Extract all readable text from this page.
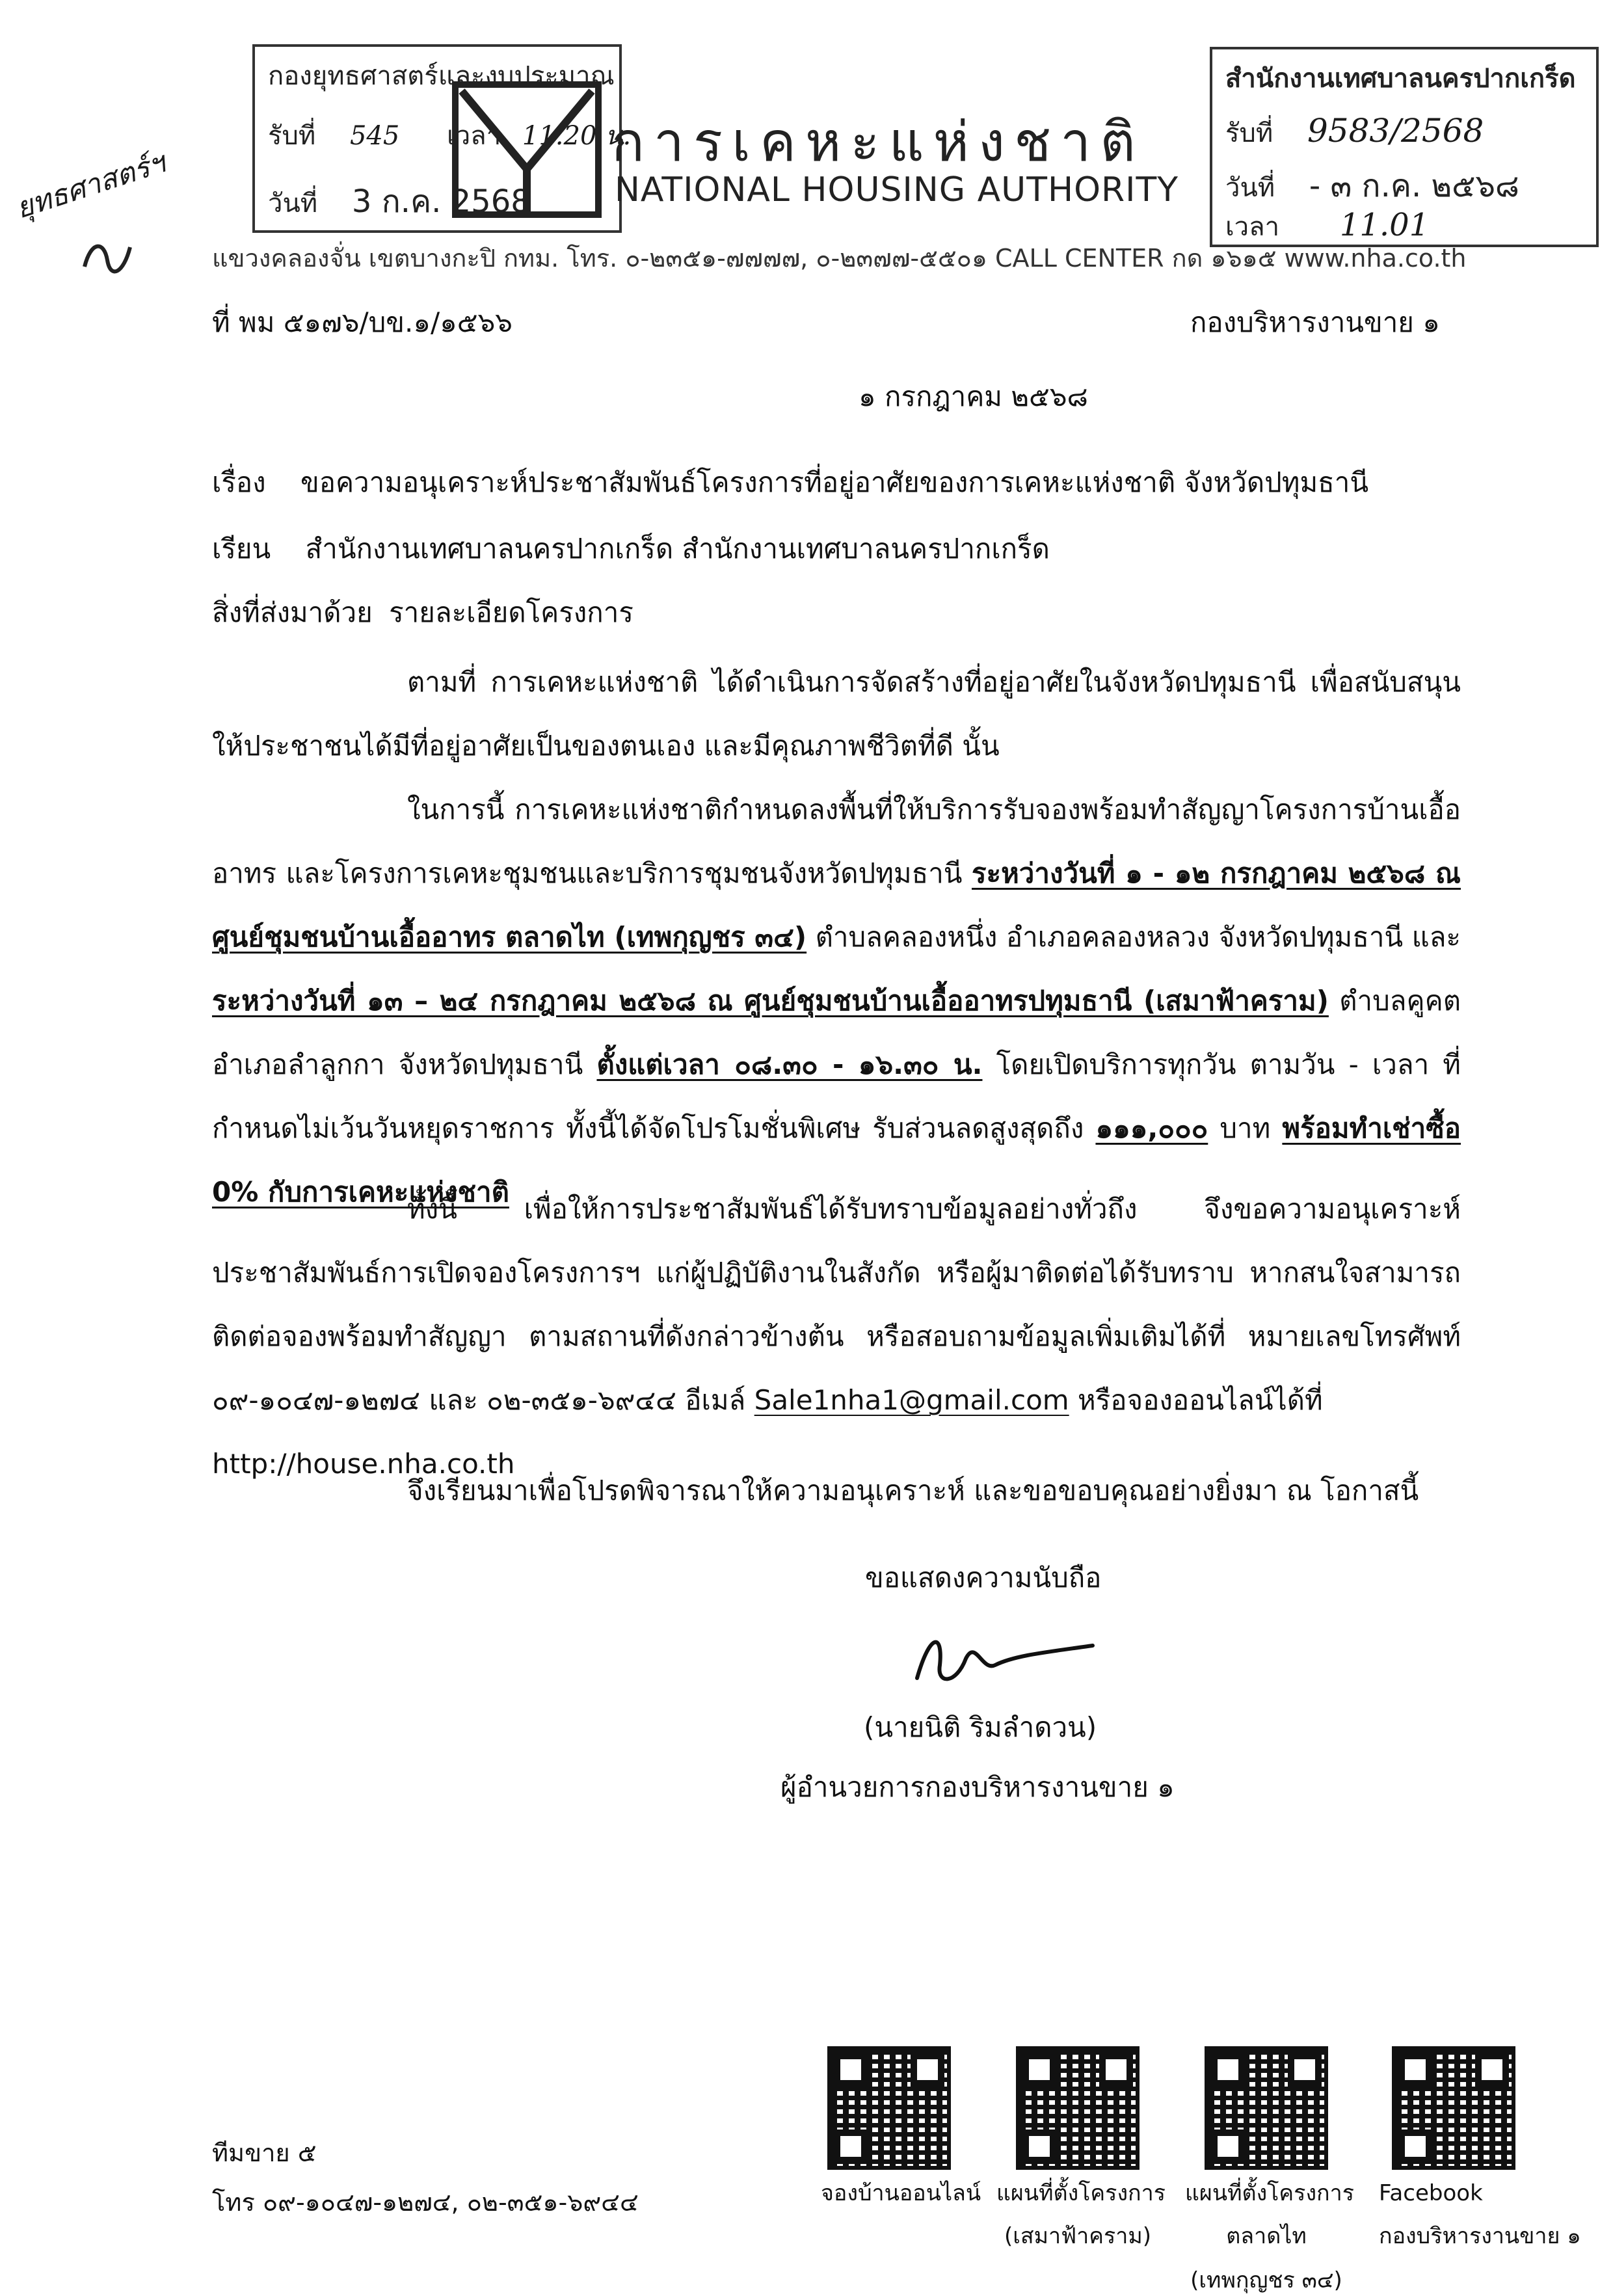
กองยุทธศาสตร์และงบประมาณ
รับที่ 545 เวลา 11.20 น.
วันที่ 3 ก.ค. 2568
การเคหะแห่งชาติ
NATIONAL HOUSING AUTHORITY
สำนักงานเทศบาลนครปากเกร็ด
รับที่ 9583/2568
วันที่ - ๓ ก.ค. ๒๕๖๘
เวลา 11.01
ยุทธศาสตร์ฯ
แขวงคลองจั่น เขตบางกะปิ กทม. โทร. ๐-๒๓๕๑-๗๗๗๗, ๐-๒๓๗๗-๕๕๐๑ CALL CENTER กด ๑๖๑๕ www.nha.co.th
ที่ พม ๕๑๗๖/บข.๑/๑๕๖๖	กองบริหารงานขาย ๑
๑ กรกฎาคม ๒๕๖๘
เรื่อง ขอความอนุเคราะห์ประชาสัมพันธ์โครงการที่อยู่อาศัยของการเคหะแห่งชาติ จังหวัดปทุมธานี
เรียน สำนักงานเทศบาลนครปากเกร็ด สำนักงานเทศบาลนครปากเกร็ด
สิ่งที่ส่งมาด้วย รายละเอียดโครงการ
ตามที่ การเคหะแห่งชาติ ได้ดำเนินการจัดสร้างที่อยู่อาศัยในจังหวัดปทุมธานี เพื่อสนับสนุนให้ประชาชนได้มีที่อยู่อาศัยเป็นของตนเอง และมีคุณภาพชีวิตที่ดี นั้น
ในการนี้ การเคหะแห่งชาติกำหนดลงพื้นที่ให้บริการรับจองพร้อมทำสัญญาโครงการบ้านเอื้ออาทร และโครงการเคหะชุมชนและบริการชุมชนจังหวัดปทุมธานี ระหว่างวันที่ ๑ - ๑๒ กรกฎาคม ๒๕๖๘ ณ ศูนย์ชุมชนบ้านเอื้ออาทร ตลาดไท (เทพกุญชร ๓๔) ตำบลคลองหนึ่ง อำเภอคลองหลวง จังหวัดปทุมธานี และระหว่างวันที่ ๑๓ – ๒๔ กรกฎาคม ๒๕๖๘ ณ ศูนย์ชุมชนบ้านเอื้ออาทรปทุมธานี (เสมาฟ้าคราม) ตำบลคูคต อำเภอลำลูกกา จังหวัดปทุมธานี ตั้งแต่เวลา ๐๘.๓๐ - ๑๖.๓๐ น. โดยเปิดบริการทุกวัน ตามวัน - เวลา ที่กำหนดไม่เว้นวันหยุดราชการ ทั้งนี้ได้จัดโปรโมชั่นพิเศษ รับส่วนลดสูงสุดถึง ๑๑๑,๐๐๐ บาท พร้อมทำเช่าซื้อ 0% กับการเคหะแห่งชาติ
ทั้งนี้ เพื่อให้การประชาสัมพันธ์ได้รับทราบข้อมูลอย่างทั่วถึง จึงขอความอนุเคราะห์ประชาสัมพันธ์การเปิดจองโครงการฯ แก่ผู้ปฏิบัติงานในสังกัด หรือผู้มาติดต่อได้รับทราบ หากสนใจสามารถติดต่อจองพร้อมทำสัญญา ตามสถานที่ดังกล่าวข้างต้น หรือสอบถามข้อมูลเพิ่มเติมได้ที่ หมายเลขโทรศัพท์ ๐๙-๑๐๔๗-๑๒๗๔ และ ๐๒-๓๕๑-๖๙๔๔ อีเมล์ Sale1nha1@gmail.com หรือจองออนไลน์ได้ที่
http://house.nha.co.th
จึงเรียนมาเพื่อโปรดพิจารณาให้ความอนุเคราะห์ และขอขอบคุณอย่างยิ่งมา ณ โอกาสนี้
ขอแสดงความนับถือ
(นายนิติ ริมลำดวน)
ผู้อำนวยการกองบริหารงานขาย ๑
ทีมขาย ๕
โทร ๐๙-๑๐๔๗-๑๒๗๔, ๐๒-๓๕๑-๖๙๔๔	จองบ้านออนไลน์ แผนที่ตั้งโครงการ
(เสมาฟ้าคราม)
แผนที่ตั้งโครงการ
ตลาดไท
(เทพกุญชร ๓๔)
Facebook
กองบริหารงานขาย ๑
